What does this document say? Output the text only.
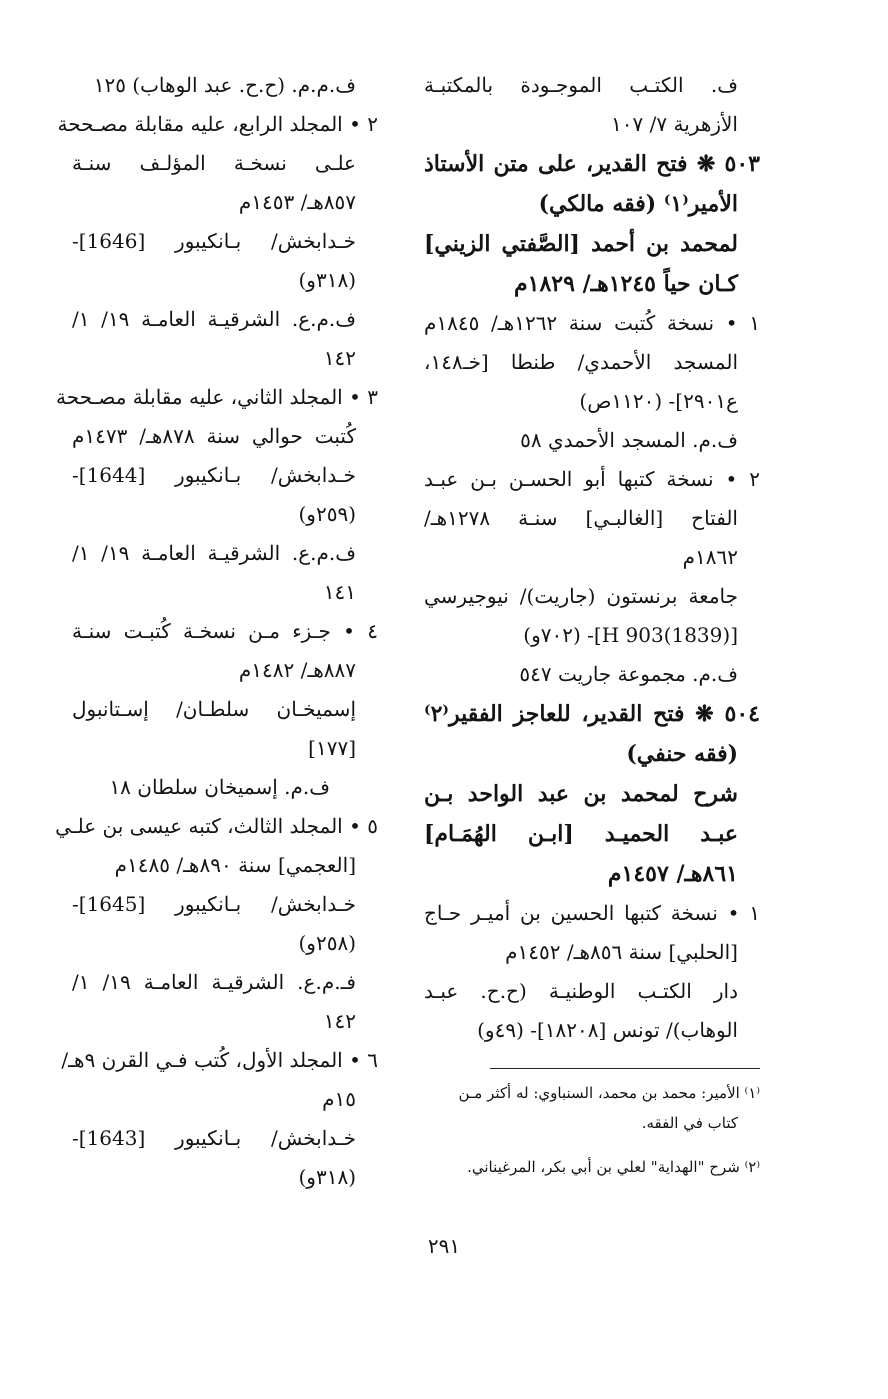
ف. الكتـب الموجـودة بالمكتبـة
الأزهرية ٧/ ١٠٧
٥٠٣ ❋ فتح القدير، على متن الأستاذ
الأمير⁽١⁾ (فقه مالكي)
لمحمد بن أحمد [الصَّفتي الزيني]
كـان حياً ١٢٤٥هـ/ ١٨٢٩م
١ • نسخة كُتبت سنة ١٢٦٢هـ/ ١٨٤٥م
المسجد الأحمدي/ طنطا [خـ١٤٨،
ع٢٩٠١]- (١١٢٠ص)
ف.م. المسجد الأحمدي ٥٨
٢ • نسخة كتبها أبو الحسـن بـن عبـد
الفتاح [الغالبـي] سنـة ١٢٧٨هـ/
١٨٦٢م
جامعة برنستون (جاريت)/ نيوجيرسي
[H 903(1839)]- (٧٠٢و)
ف.م. مجموعة جاريت ٥٤٧
٥٠٤ ❋ فتح القدير، للعاجز الفقير⁽٢⁾
(فقه حنفي)
شرح لمحمد بن عبد الواحد بـن
عبـد الحميـد [ابـن الهُمَـام]
٨٦١هـ/ ١٤٥٧م
١ • نسخة كتبها الحسين بن أميـر حـاج
[الحلبي] سنة ٨٥٦هـ/ ١٤٥٢م
دار الكتـب الوطنيـة (ح.ح. عبـد
الوهاب)/ تونس [١٨٢٠٨]- (٤٩و)
ف.م.م. (ح.ح. عبد الوهاب) ١٢٥
٢ • المجلد الرابع، عليه مقابلة مصـححة
علـى نسخـة المؤلـف سنـة
٨٥٧هـ/ ١٤٥٣م
خـدابخش/ بـانكيبور [1646]-
(٣١٨و)
ف.م.ع. الشرقيـة العامـة ١٩/ ١/
١٤٢
٣ • المجلد الثاني، عليه مقابلة مصـححة
كُتبت حوالي سنة ٨٧٨هـ/ ١٤٧٣م
خـدابخش/ بـانكيبور [1644]-
(٢٥٩و)
ف.م.ع. الشرقيـة العامـة ١٩/ ١/
١٤١
٤ • جـزء مـن نسخـة كُتبـت سنـة
٨٨٧هـ/ ١٤٨٢م
إسميخـان سلطـان/ إسـتانبول
[١٧٧]
ف.م. إسميخان سلطان ١٨
٥ • المجلد الثالث، كتبه عيسى بن علـي
[العجمي] سنة ٨٩٠هـ/ ١٤٨٥م
خـدابخش/ بـانكيبور [1645]-
(٢٥٨و)
فـ.م.ع. الشرقيـة العامـة ١٩/ ١/
١٤٢
٦ • المجلد الأول، كُتب فـي القرن ٩هـ/
١٥م
خـدابخش/ بـانكيبور [1643]-
(٣١٨و)
⁽١⁾ الأمير: محمد بن محمد، السنباوي: له أكثر مـن
كتاب في الفقه.
⁽٢⁾ شرح "الهداية" لعلي بن أبي بكر، المرغيناني.
٢٩١
